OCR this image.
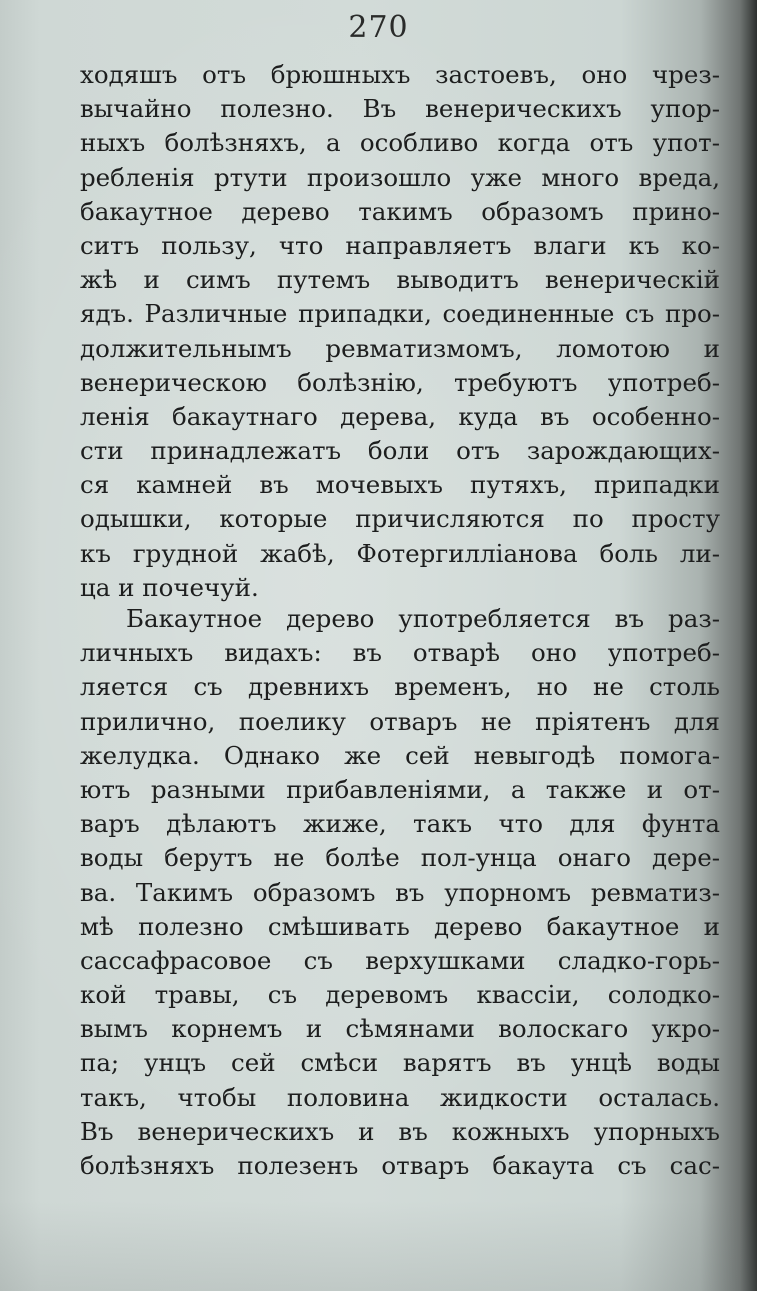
270
ходяшъ отъ брюшныхъ застоевъ, оно чрез-
вычайно полезно. Въ венерическихъ упор-
ныхъ болѣзняхъ, а особливо когда отъ упот-
ребленія ртути произошло уже много вреда,
бакаутное дерево такимъ образомъ прино-
ситъ пользу, что направляетъ влаги къ ко-
жѣ и симъ путемъ выводитъ венерическій
ядъ. Различные припадки, соединенные съ про-
должительнымъ ревматизмомъ, ломотою и
венерическою болѣзнію, требуютъ употреб-
ленія бакаутнаго дерева, куда въ особенно-
сти принадлежатъ боли отъ зарождающих-
ся камней въ мочевыхъ путяхъ, припадки
одышки, которые причисляются по просту
къ грудной жабѣ, Фотергилліанова боль ли-
ца и почечуй.
Бакаутное дерево употребляется въ раз-
личныхъ видахъ: въ отварѣ оно употреб-
ляется съ древнихъ временъ, но не столь
прилично, поелику отваръ не пріятенъ для
желудка. Однако же сей невыгодѣ помога-
ютъ разными прибавленіями, а также и от-
варъ дѣлаютъ жиже, такъ что для фунта
воды берутъ не болѣе пол-унца онаго дере-
ва. Такимъ образомъ въ упорномъ ревматиз-
мѣ полезно смѣшивать дерево бакаутное и
сассафрасовое съ верхушками сладко-горь-
кой травы, съ деревомъ квассіи, солодко-
вымъ корнемъ и сѣмянами волоскаго укро-
па; унцъ сей смѣси варятъ въ унцѣ воды
такъ, чтобы половина жидкости осталась.
Въ венерическихъ и въ кожныхъ упорныхъ
болѣзняхъ полезенъ отваръ бакаута съ сас-
